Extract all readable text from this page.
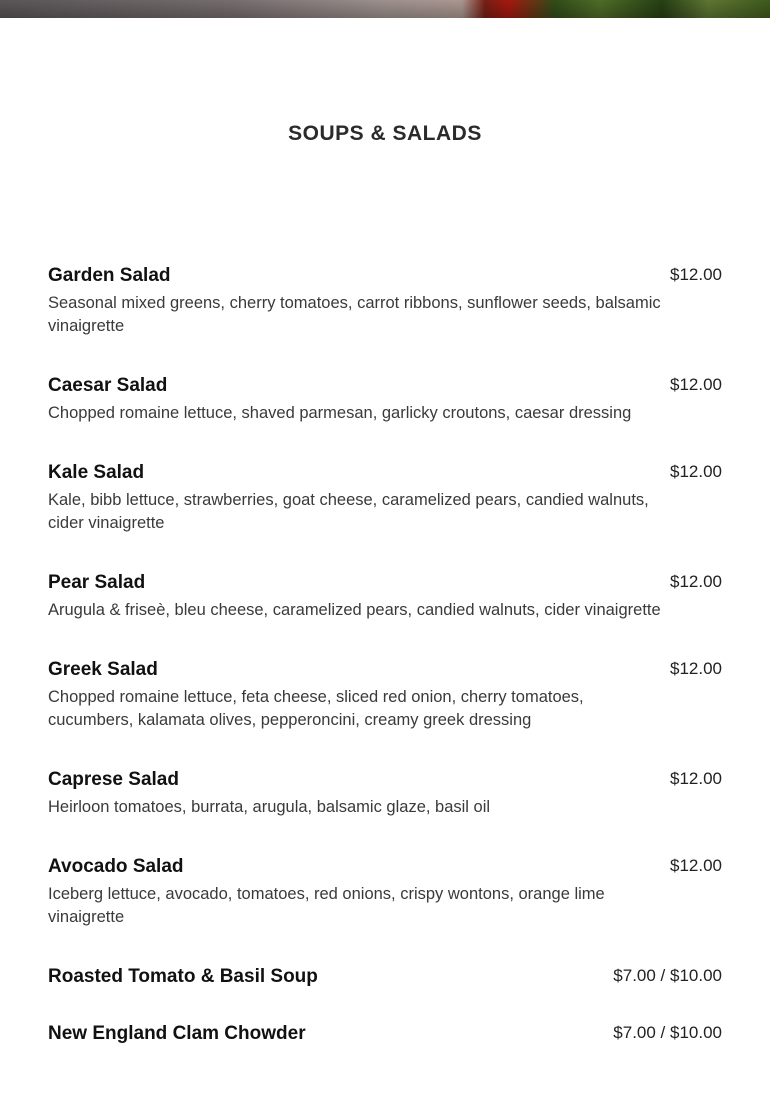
SOUPS & SALADS
Garden Salad	$12.00

Seasonal mixed greens, cherry tomatoes, carrot ribbons, sunflower seeds, balsamic vinaigrette

Caesar Salad	$12.00

Chopped romaine lettuce, shaved parmesan, garlicky croutons, caesar dressing

Kale Salad	$12.00

Kale, bibb lettuce, strawberries, goat cheese, caramelized pears, candied walnuts, cider vinaigrette

Pear Salad	$12.00

Arugula & friseè, bleu cheese, caramelized pears, candied walnuts, cider vinaigrette

Greek Salad	$12.00

Chopped romaine lettuce, feta cheese, sliced red onion, cherry tomatoes, cucumbers, kalamata olives, pepperoncini, creamy greek dressing

Caprese Salad	$12.00

Heirloon tomatoes, burrata, arugula, balsamic glaze, basil oil

Avocado Salad	$12.00

Iceberg lettuce, avocado, tomatoes, red onions, crispy wontons, orange lime vinaigrette

Roasted Tomato & Basil Soup	$7.00 / $10.00
New England Clam Chowder	$7.00 / $10.00
